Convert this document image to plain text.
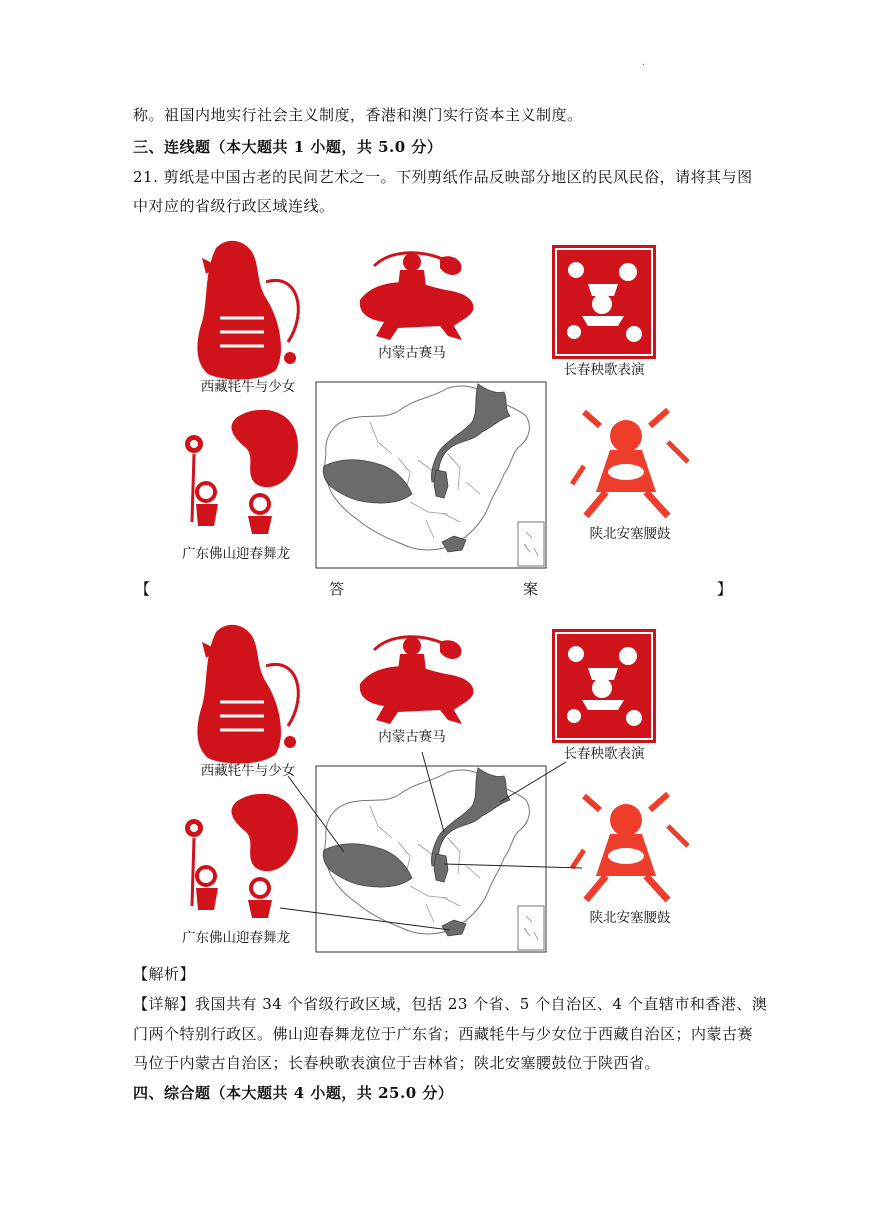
.
称。祖国内地实行社会主义制度，香港和澳门实行资本主义制度。
三、连线题（本大题共 1 小题，共 5.0 分）
21. 剪纸是中国古老的民间艺术之一。下列剪纸作品反映部分地区的民风民俗，请将其与图
中对应的省级行政区域连线。
西藏牦牛与少女
内蒙古赛马
长春秧歌表演
广东佛山迎春舞龙
陕北安塞腰鼓
【	答	案	】
西藏牦牛与少女
内蒙古赛马
长春秧歌表演
广东佛山迎春舞龙
陕北安塞腰鼓
【解析】
【详解】我国共有 34 个省级行政区域，包括 23 个省、5 个自治区、4 个直辖市和香港、澳
门两个特别行政区。佛山迎春舞龙位于广东省；西藏牦牛与少女位于西藏自治区；内蒙古赛
马位于内蒙古自治区；长春秧歌表演位于吉林省；陕北安塞腰鼓位于陕西省。
四、综合题（本大题共 4 小题，共 25.0 分）
